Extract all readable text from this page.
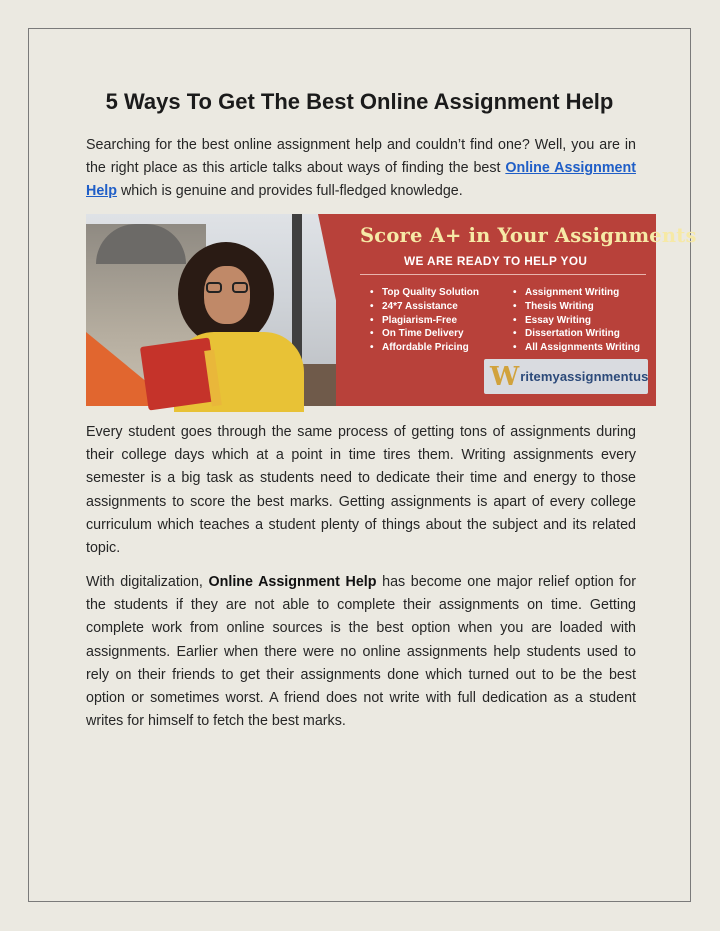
5 Ways To Get The Best Online Assignment Help

Searching for the best online assignment help and couldn’t find one? Well, you are in the right place as this article talks about ways of finding the best Online Assignment Help which is genuine and provides full-fledged knowledge.

Score A+ in Your Assignments
WE ARE READY TO HELP YOU
• Top Quality Solution
• 24*7 Assistance
• Plagiarism-Free
• On Time Delivery
• Affordable Pricing
• Assignment Writing
• Thesis Writing
• Essay Writing
• Dissertation Writing
• All Assignments Writing
W ritemyassignmentus

Every student goes through the same process of getting tons of assignments during their college days which at a point in time tires them. Writing assignments every semester is a big task as students need to dedicate their time and energy to those assignments to score the best marks. Getting assignments is apart of every college curriculum which teaches a student plenty of things about the subject and its related topic.

With digitalization, Online Assignment Help has become one major relief option for the students if they are not able to complete their assignments on time. Getting complete work from online sources is the best option when you are loaded with assignments. Earlier when there were no online assignments help students used to rely on their friends to get their assignments done which turned out to be the best option or sometimes worst. A friend does not write with full dedication as a student writes for himself to fetch the best marks.
